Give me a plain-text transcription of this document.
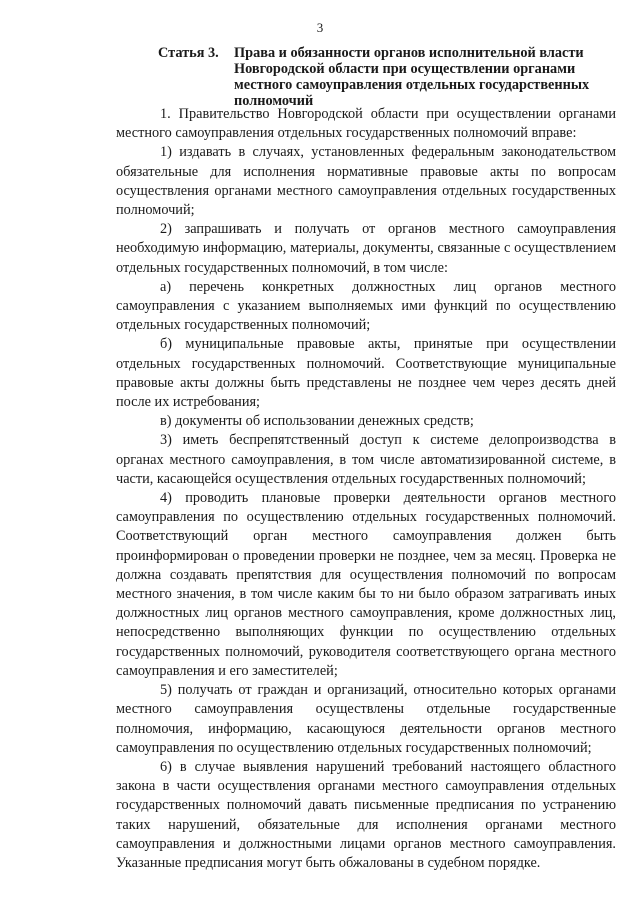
3
Статья 3. Права и обязанности органов исполнительной власти Новгородской области при осуществлении органами местного самоуправления отдельных государственных полномочий

1. Правительство Новгородской области при осуществлении органами местного самоуправления отдельных государственных полномочий вправе:

1) издавать в случаях, установленных федеральным законодательством обязательные для исполнения нормативные правовые акты по вопросам осуществления органами местного самоуправления отдельных государственных полномочий;

2) запрашивать и получать от органов местного самоуправления необходимую информацию, материалы, документы, связанные с осуществлением отдельных государственных полномочий, в том числе:

а) перечень конкретных должностных лиц органов местного самоуправления с указанием выполняемых ими функций по осуществлению отдельных государственных полномочий;

б) муниципальные правовые акты, принятые при осуществлении отдельных государственных полномочий. Соответствующие муниципальные правовые акты должны быть представлены не позднее чем через десять дней после их истребования;

в) документы об использовании денежных средств;

3) иметь беспрепятственный доступ к системе делопроизводства в органах местного самоуправления, в том числе автоматизированной системе, в части, касающейся осуществления отдельных государственных полномочий;

4) проводить плановые проверки деятельности органов местного самоуправления по осуществлению отдельных государственных полномочий. Соответствующий орган местного самоуправления должен быть проинформирован о проведении проверки не позднее, чем за месяц. Проверка не должна создавать препятствия для осуществления полномочий по вопросам местного значения, в том числе каким бы то ни было образом затрагивать иных должностных лиц органов местного самоуправления, кроме должностных лиц, непосредственно выполняющих функции по осуществлению отдельных государственных полномочий, руководителя соответствующего органа местного самоуправления и его заместителей;

5) получать от граждан и организаций, относительно которых органами местного самоуправления осуществлены отдельные государственные полномочия, информацию, касающуюся деятельности органов местного самоуправления по осуществлению отдельных государственных полномочий;

6) в случае выявления нарушений требований настоящего областного закона в части осуществления органами местного самоуправления отдельных государственных полномочий давать письменные предписания по устранению таких нарушений, обязательные для исполнения органами местного самоуправления и должностными лицами органов местного самоуправления. Указанные предписания могут быть обжалованы в судебном порядке.
